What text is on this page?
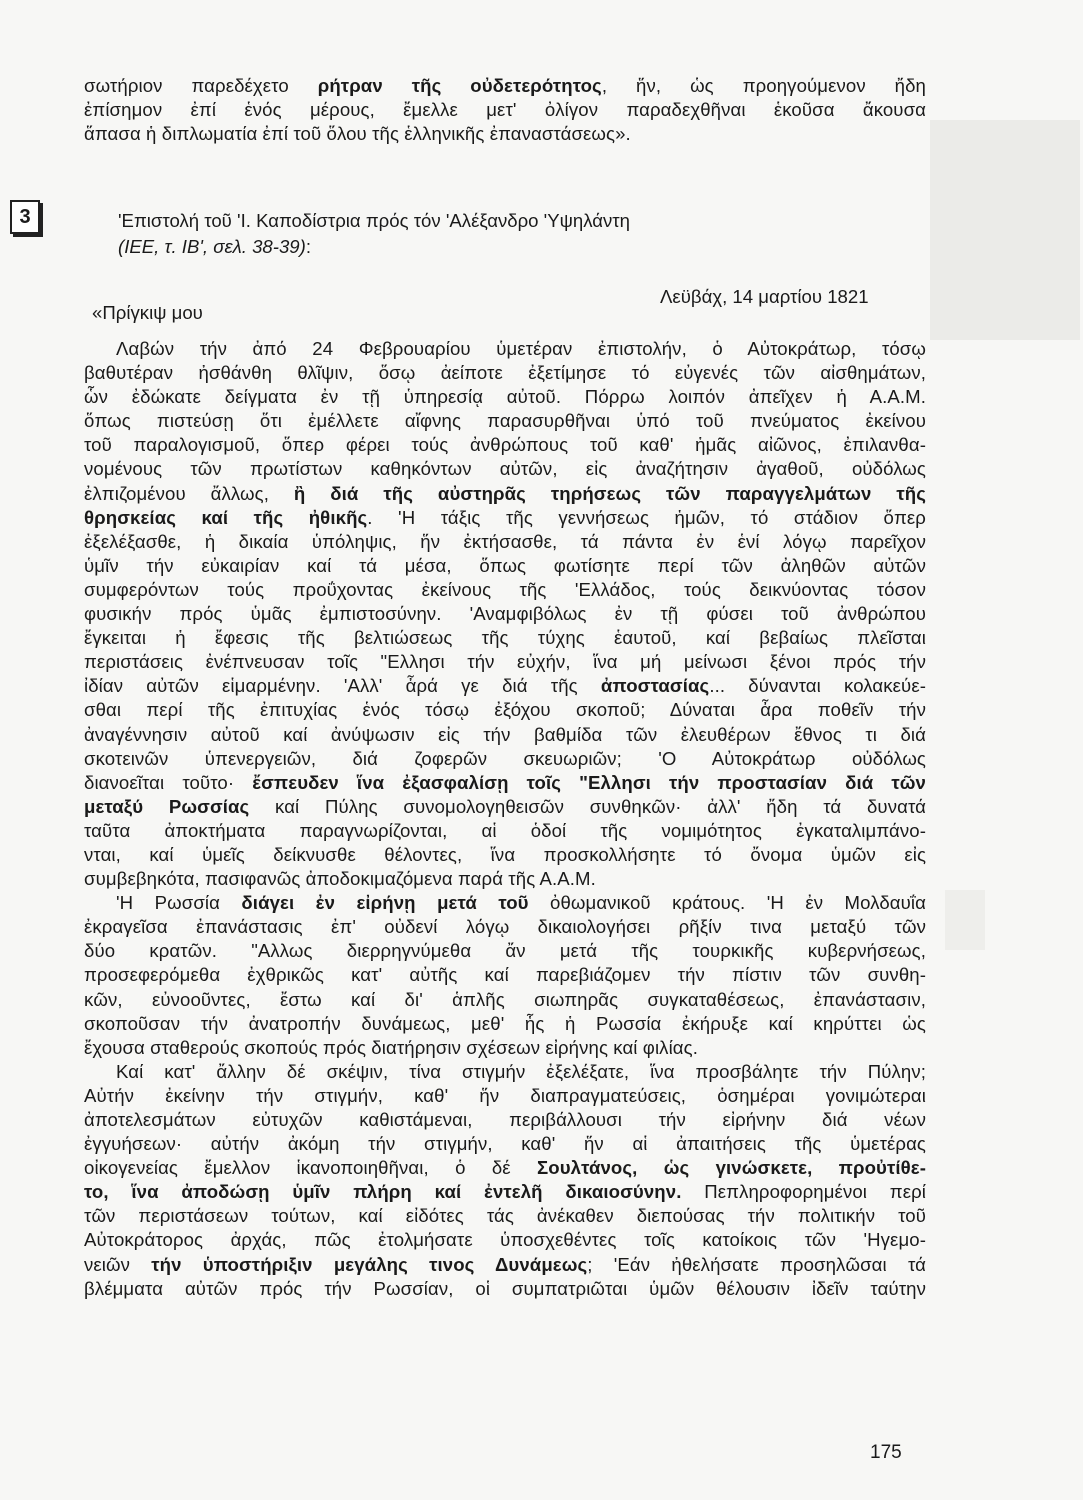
σωτήριον παρεδέχετο ρήτραν τῆς οὐδετερότητος, ἥν, ὡς προηγούμενον ἤδη
ἐπίσημον ἐπί ἑνός μέρους, ἔμελλε μετ' ὀλίγον παραδεχθῆναι ἑκοῦσα ἄκουσα
ἅπασα ἡ διπλωματία ἐπί τοῦ ὅλου τῆς ἑλληνικῆς ἐπαναστάσεως».
3	'Επιστολή τοῦ 'Ι. Καποδίστρια πρός τόν 'Αλέξανδρο 'Υψηλάντη
(ΙΕΕ, τ. ΙΒ', σελ. 38-39):
Λεϋβάχ, 14 μαρτίου 1821
«Πρίγκιψ μου
Λαβών τήν ἀπό 24 Φεβρουαρίου ὑμετέραν ἐπιστολήν, ὁ Αὐτοκράτωρ, τόσῳ
βαθυτέραν ἠσθάνθη θλῖψιν, ὅσῳ ἀείποτε ἐξετίμησε τό εὐγενές τῶν αἰσθημάτων,
ὧν ἐδώκατε δείγματα ἐν τῇ ὑπηρεσίᾳ αὐτοῦ. Πόρρω λοιπόν ἀπεῖχεν ἡ Α.Α.Μ.
ὅπως πιστεύσῃ ὅτι ἐμέλλετε αἴφνης παρασυρθῆναι ὑπό τοῦ πνεύματος ἐκείνου
τοῦ παραλογισμοῦ, ὅπερ φέρει τούς ἀνθρώπους τοῦ καθ' ἡμᾶς αἰῶνος, ἐπιλανθα-
νομένους τῶν πρωτίστων καθηκόντων αὐτῶν, εἰς ἀναζήτησιν ἀγαθοῦ, οὐδόλως
ἐλπιζομένου ἄλλως, ἢ διά τῆς αὐστηρᾶς τηρήσεως τῶν παραγγελμάτων τῆς
θρησκείας καί τῆς ἠθικῆς. 'Η τάξις τῆς γεννήσεως ἡμῶν, τό στάδιον ὅπερ
ἐξελέξασθε, ἡ δικαία ὑπόληψις, ἥν ἐκτήσασθε, τά πάντα ἐν ἑνί λόγῳ παρεῖχον
ὑμῖν τήν εὐκαιρίαν καί τά μέσα, ὅπως φωτίσητε περί τῶν ἀληθῶν αὐτῶν
συμφερόντων τούς προΰχοντας ἐκείνους τῆς 'Ελλάδος, τούς δεικνύοντας τόσον
φυσικήν πρός ὑμᾶς ἐμπιστοσύνην. 'Αναμφιβόλως ἐν τῇ φύσει τοῦ ἀνθρώπου
ἔγκειται ἡ ἔφεσις τῆς βελτιώσεως τῆς τύχης ἑαυτοῦ, καί βεβαίως πλεῖσται
περιστάσεις ἐνέπνευσαν τοῖς "Ελλησι τήν εὐχήν, ἵνα μή μείνωσι ξένοι πρός τήν
ἰδίαν αὐτῶν εἱμαρμένην. 'Αλλ' ἆρά γε διά τῆς ἀποστασίας... δύνανται κολακεύε-
σθαι περί τῆς ἐπιτυχίας ἑνός τόσῳ ἐξόχου σκοποῦ; Δύναται ἆρα ποθεῖν τήν
ἀναγέννησιν αὐτοῦ καί ἀνύψωσιν εἰς τήν βαθμίδα τῶν ἐλευθέρων ἔθνος τι διά
σκοτεινῶν ὑπενεργειῶν, διά ζοφερῶν σκευωριῶν; 'Ο Αὐτοκράτωρ οὐδόλως
διανοεῖται τοῦτο· ἔσπευδεν ἵνα ἐξασφαλίσῃ τοῖς "Ελλησι τήν προστασίαν διά τῶν
μεταξύ Ρωσσίας καί Πύλης συνομολογηθεισῶν συνθηκῶν· ἀλλ' ἤδη τά δυνατά
ταῦτα ἀποκτήματα παραγνωρίζονται, αἱ ὁδοί τῆς νομιμότητος ἐγκαταλιμπάνο-
νται, καί ὑμεῖς δείκνυσθε θέλοντες, ἵνα προσκολλήσητε τό ὄνομα ὑμῶν εἰς
συμβεβηκότα, πασιφανῶς ἀποδοκιμαζόμενα παρά τῆς Α.Α.Μ.
'Η Ρωσσία διάγει ἐν εἰρήνῃ μετά τοῦ ὀθωμανικοῦ κράτους. 'Η ἐν Μολδαυΐα
ἐκραγεῖσα ἐπανάστασις ἐπ' οὐδενί λόγῳ δικαιολογήσει ρῆξίν τινα μεταξύ τῶν
δύο κρατῶν. "Αλλως διερρηγνύμεθα ἄν μετά τῆς τουρκικῆς κυβερνήσεως,
προσεφερόμεθα ἐχθρικῶς κατ' αὐτῆς καί παρεβιάζομεν τήν πίστιν τῶν συνθη-
κῶν, εὐνοοῦντες, ἔστω καί δι' ἁπλῆς σιωπηρᾶς συγκαταθέσεως, ἐπανάστασιν,
σκοποῦσαν τήν ἀνατροπήν δυνάμεως, μεθ' ἧς ἡ Ρωσσία ἐκήρυξε καί κηρύττει ὡς
ἔχουσα σταθερούς σκοπούς πρός διατήρησιν σχέσεων εἰρήνης καί φιλίας.
Καί κατ' ἄλλην δέ σκέψιν, τίνα στιγμήν ἐξελέξατε, ἵνα προσβάλητε τήν Πύλην;
Αὐτήν ἐκείνην τήν στιγμήν, καθ' ἥν διαπραγματεύσεις, ὁσημέραι γονιμώτεραι
ἀποτελεσμάτων εὐτυχῶν καθιστάμεναι, περιβάλλουσι τήν εἰρήνην διά νέων
ἐγγυήσεων· αὐτήν ἀκόμη τήν στιγμήν, καθ' ἥν αἱ ἀπαιτήσεις τῆς ὑμετέρας
οἰκογενείας ἔμελλον ἱκανοποιηθῆναι, ὁ δέ Σουλτάνος, ὡς γινώσκετε, προὐτίθε-
το, ἵνα ἀποδώσῃ ὑμῖν πλήρη καί ἐντελῆ δικαιοσύνην. Πεπληροφορημένοι περί
τῶν περιστάσεων τούτων, καί εἰδότες τάς ἀνέκαθεν διεπούσας τήν πολιτικήν τοῦ
Αὐτοκράτορος ἀρχάς, πῶς ἐτολμήσατε ὑποσχεθέντες τοῖς κατοίκοις τῶν 'Ηγεμο-
νειῶν τήν ὑποστήριξιν μεγάλης τινος Δυνάμεως; 'Εάν ἠθελήσατε προσηλῶσαι τά
βλέμματα αὐτῶν πρός τήν Ρωσσίαν, οἱ συμπατριῶται ὑμῶν θέλουσιν ἰδεῖν ταύτην
175
